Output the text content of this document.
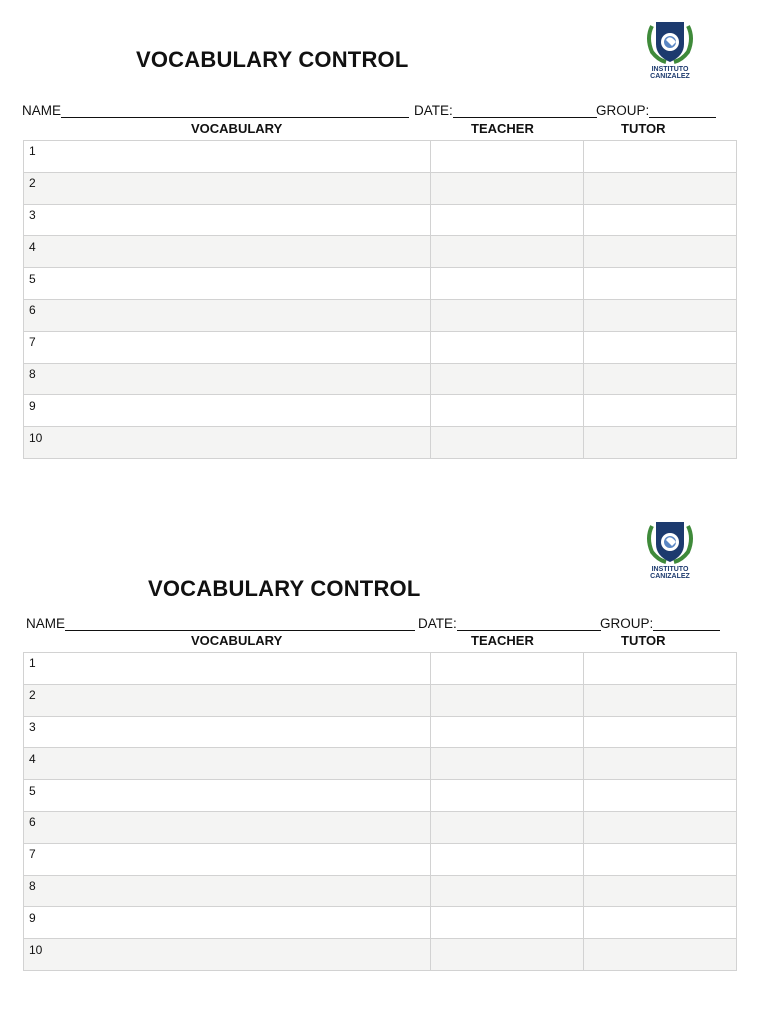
VOCABULARY CONTROL	INSTITUTO
CANIZALEZ
NAME	DATE:	GROUP:
VOCABULARY	TEACHER	TUTOR
1		
2		
3		
4		
5		
6		
7		
8		
9		
10		
VOCABULARY CONTROL
INSTITUTO
CANIZALEZ
NAME	DATE:	GROUP:
VOCABULARY	TEACHER	TUTOR
1		
2		
3		
4		
5		
6		
7		
8		
9		
10		
